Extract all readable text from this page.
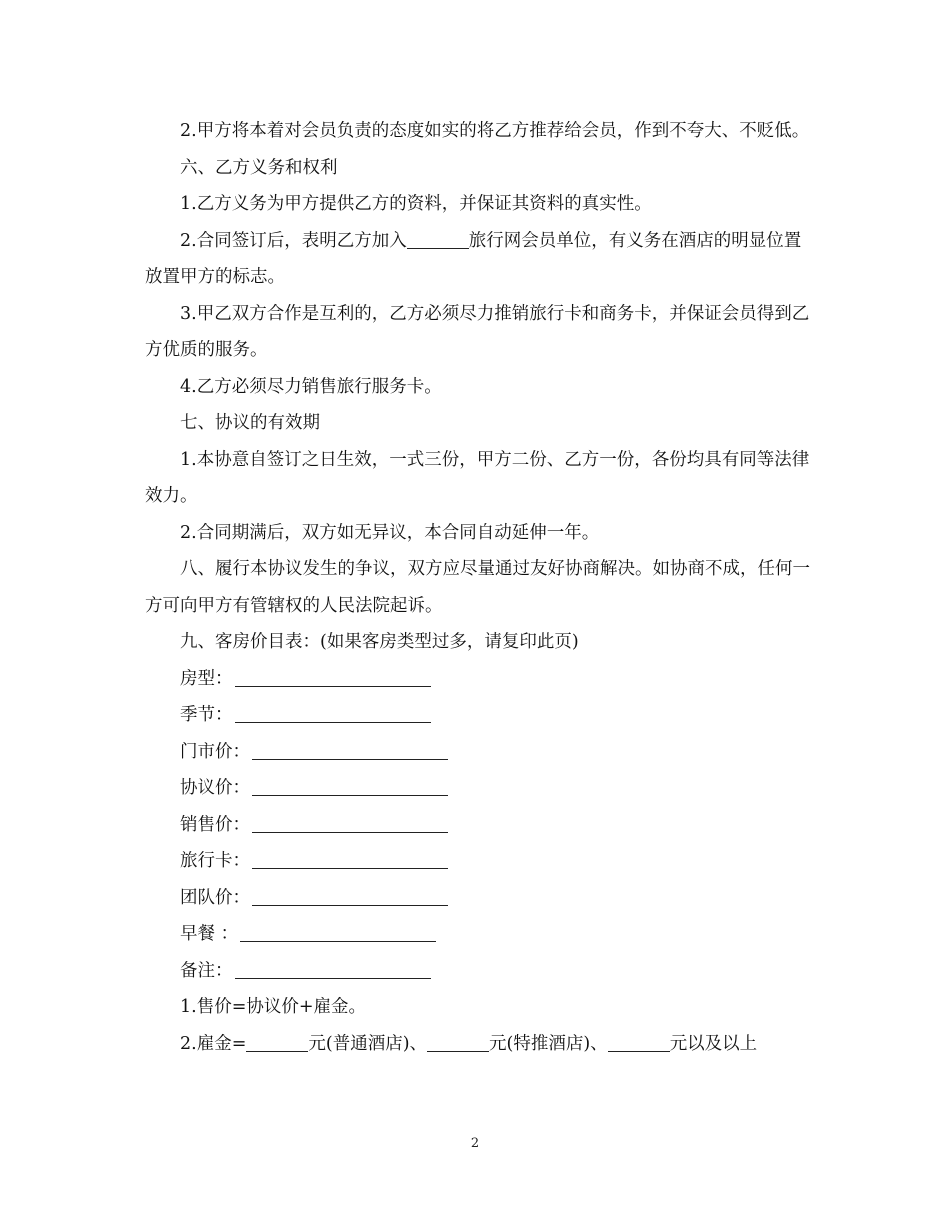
2.甲方将本着对会员负责的态度如实的将乙方推荐给会员，作到不夸大、不贬低。

六、乙方义务和权利

1.乙方义务为甲方提供乙方的资料，并保证其资料的真实性。

2.合同签订后，表明乙方加入	旅行网会员单位，有义务在酒店的明显位置放置甲方的标志。

3.甲乙双方合作是互利的，乙方必须尽力推销旅行卡和商务卡，并保证会员得到乙方优质的服务。

4.乙方必须尽力销售旅行服务卡。

七、协议的有效期

1.本协意自签订之日生效，一式三份，甲方二份、乙方一份，各份均具有同等法律效力。

2.合同期满后，双方如无异议，本合同自动延伸一年。

八、履行本协议发生的争议，双方应尽量通过友好协商解决。如协商不成，任何一方可向甲方有管辖权的人民法院起诉。

九、客房价目表：(如果客房类型过多，请复印此页)

房型：

季节：

门市价：

协议价：

销售价：

旅行卡：

团队价：

早餐 ：

备注：

1.售价=协议价+雇金。

2.雇金=	元(普通酒店)、	元(特推酒店)、	元以及以上

2
